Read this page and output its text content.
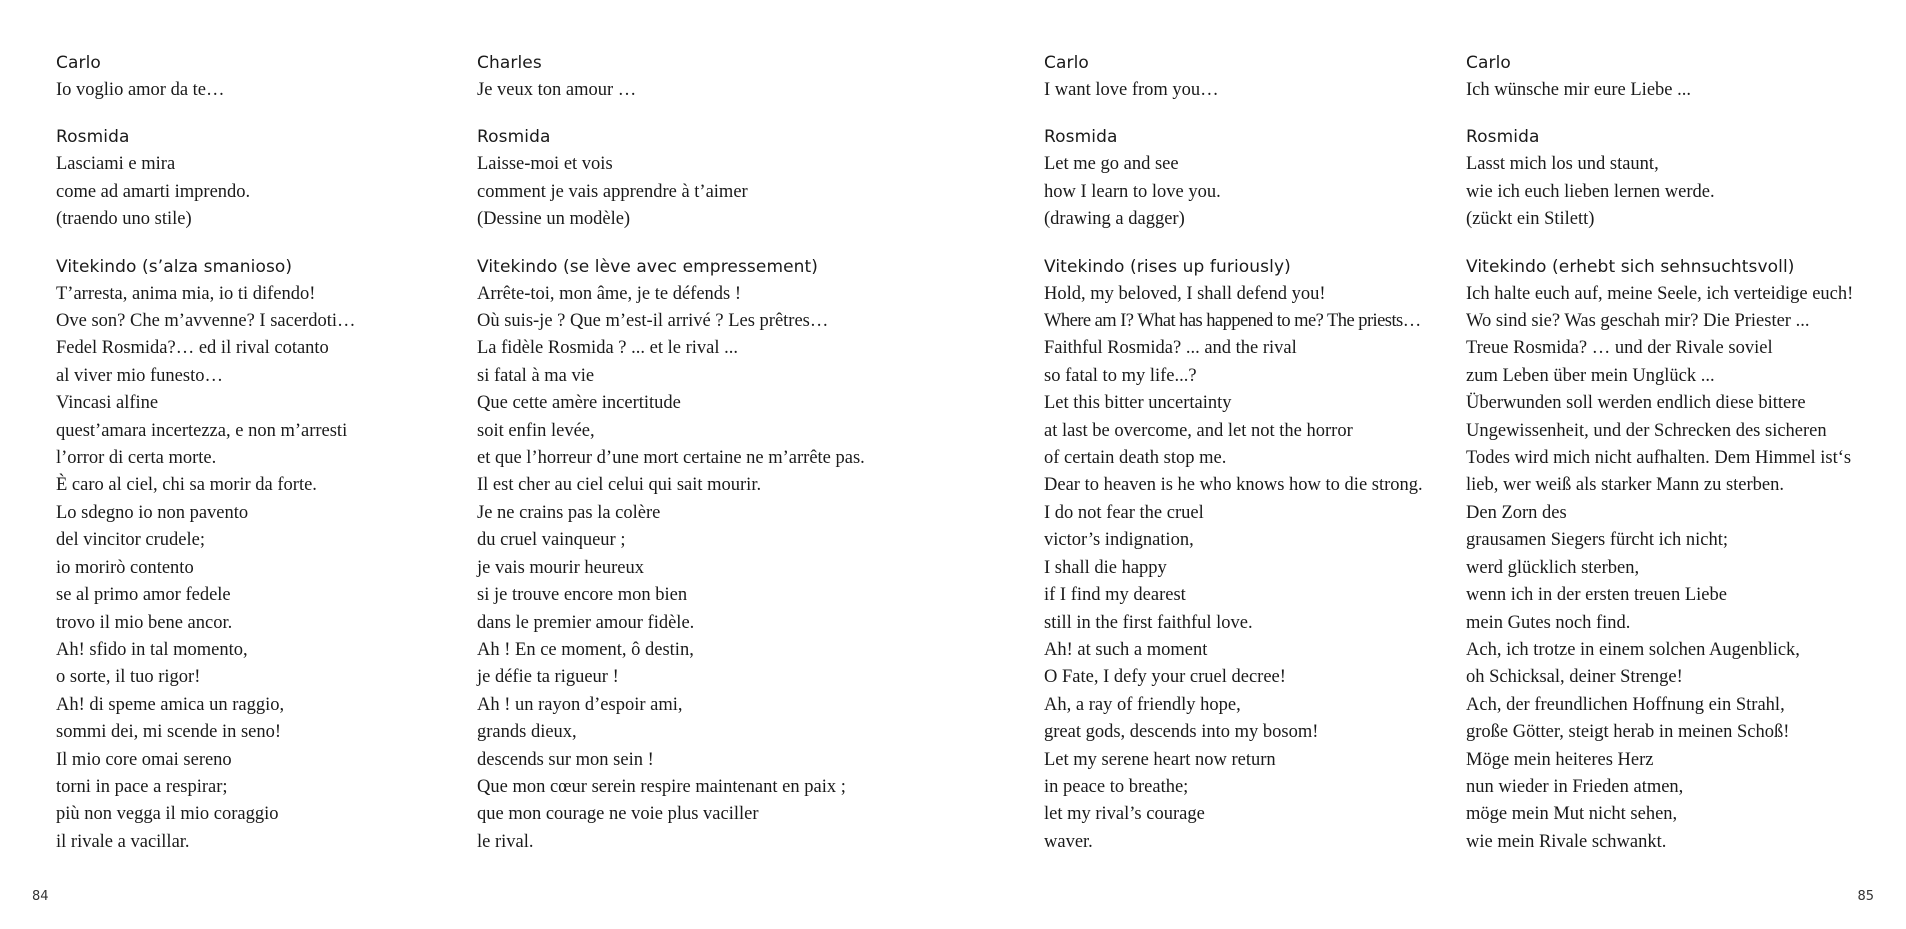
Carlo
Io voglio amor da te…
Rosmida
Lasciami e mira
come ad amarti imprendo.
(traendo uno stile)
Vitekindo (s’alza smanioso)
T’arresta, anima mia, io ti difendo!
Ove son? Che m’avvenne? I sacerdoti…
Fedel Rosmida?… ed il rival cotanto
al viver mio funesto…
Vincasi alfine
quest’amara incertezza, e non m’arresti
l’orror di certa morte.
È caro al ciel, chi sa morir da forte.
Lo sdegno io non pavento
del vincitor crudele;
io morirò contento
se al primo amor fedele
trovo il mio bene ancor.
Ah! sfido in tal momento,
o sorte, il tuo rigor!
Ah! di speme amica un raggio,
sommi dei, mi scende in seno!
Il mio core omai sereno
torni in pace a respirar;
più non vegga il mio coraggio
il rivale a vacillar.
Charles
Je veux ton amour …
Rosmida
Laisse-moi et vois
comment je vais apprendre à t’aimer
(Dessine un modèle)
Vitekindo (se lève avec empressement)
Arrête-toi, mon âme, je te défends !
Où suis-je ? Que m’est-il arrivé ? Les prêtres…
La fidèle Rosmida ? ... et le rival ...
si fatal à ma vie
Que cette amère incertitude
soit enfin levée,
et que l’horreur d’une mort certaine ne m’arrête pas.
Il est cher au ciel celui qui sait mourir.
Je ne crains pas la colère
du cruel vainqueur ;
je vais mourir heureux
si je trouve encore mon bien
dans le premier amour fidèle.
Ah ! En ce moment, ô destin,
je défie ta rigueur !
Ah ! un rayon d’espoir ami,
grands dieux,
descends sur mon sein !
Que mon cœur serein respire maintenant en paix ;
que mon courage ne voie plus vaciller
le rival.
Carlo
I want love from you…
Rosmida
Let me go and see
how I learn to love you.
(drawing a dagger)
Vitekindo (rises up furiously)
Hold, my beloved, I shall defend you!
Where am I? What has happened to me? The priests…
Faithful Rosmida? ... and the rival
so fatal to my life...?
Let this bitter uncertainty
at last be overcome, and let not the horror
of certain death stop me.
Dear to heaven is he who knows how to die strong.
I do not fear the cruel
victor’s indignation,
I shall die happy
if I find my dearest
still in the first faithful love.
Ah! at such a moment
O Fate, I defy your cruel decree!
Ah, a ray of friendly hope,
great gods, descends into my bosom!
Let my serene heart now return
in peace to breathe;
let my rival’s courage
waver.
Carlo
Ich wünsche mir eure Liebe ...
Rosmida
Lasst mich los und staunt,
wie ich euch lieben lernen werde.
(zückt ein Stilett)
Vitekindo (erhebt sich sehnsuchtsvoll)
Ich halte euch auf, meine Seele, ich verteidige euch!
Wo sind sie? Was geschah mir? Die Priester ...
Treue Rosmida? … und der Rivale soviel
zum Leben über mein Unglück ...
Überwunden soll werden endlich diese bittere
Ungewissenheit, und der Schrecken des sicheren
Todes wird mich nicht aufhalten. Dem Himmel ist‘s
lieb, wer weiß als starker Mann zu sterben.
Den Zorn des
grausamen Siegers fürcht ich nicht;
werd glücklich sterben,
wenn ich in der ersten treuen Liebe
mein Gutes noch find.
Ach, ich trotze in einem solchen Augenblick,
oh Schicksal, deiner Strenge!
Ach, der freundlichen Hoffnung ein Strahl,
große Götter, steigt herab in meinen Schoß!
Möge mein heiteres Herz
nun wieder in Frieden atmen,
möge mein Mut nicht sehen,
wie mein Rivale schwankt.
84	85
